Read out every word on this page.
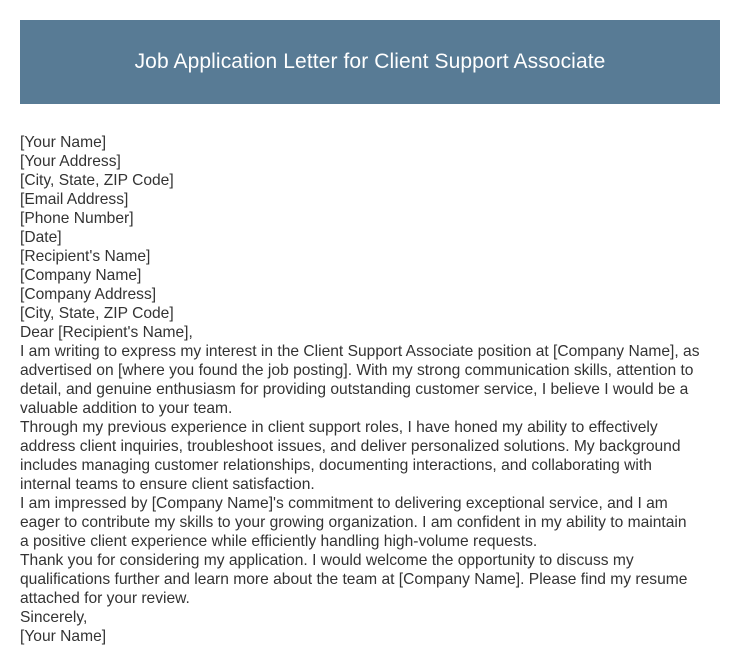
Job Application Letter for Client Support Associate
[Your Name]
[Your Address]
[City, State, ZIP Code]
[Email Address]
[Phone Number]
[Date]
[Recipient's Name]
[Company Name]
[Company Address]
[City, State, ZIP Code]
Dear [Recipient's Name],
I am writing to express my interest in the Client Support Associate position at [Company Name], as
advertised on [where you found the job posting]. With my strong communication skills, attention to
detail, and genuine enthusiasm for providing outstanding customer service, I believe I would be a
valuable addition to your team.
Through my previous experience in client support roles, I have honed my ability to effectively
address client inquiries, troubleshoot issues, and deliver personalized solutions. My background
includes managing customer relationships, documenting interactions, and collaborating with
internal teams to ensure client satisfaction.
I am impressed by [Company Name]'s commitment to delivering exceptional service, and I am
eager to contribute my skills to your growing organization. I am confident in my ability to maintain
a positive client experience while efficiently handling high-volume requests.
Thank you for considering my application. I would welcome the opportunity to discuss my
qualifications further and learn more about the team at [Company Name]. Please find my resume
attached for your review.
Sincerely,
[Your Name]
